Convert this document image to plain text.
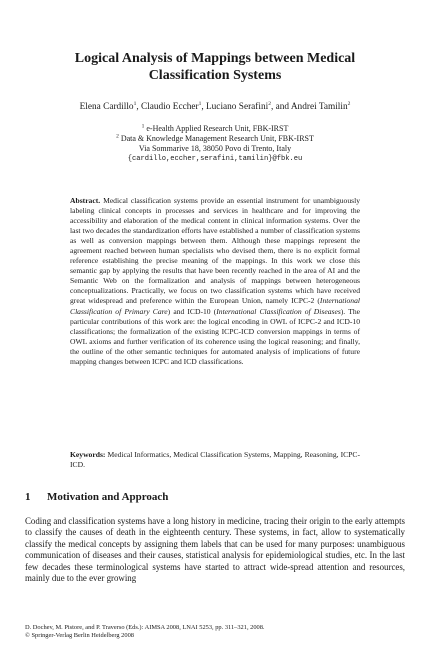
Logical Analysis of Mappings between Medical Classification Systems
Elena Cardillo$^1$, Claudio Eccher$^1$, Luciano Serafini$^2$, and Andrei Tamilin$^2$
$^1$ e-Health Applied Research Unit, FBK-IRST
$^2$ Data & Knowledge Management Research Unit, FBK-IRST
Via Sommarive 18, 38050 Povo di Trento, Italy
{cardillo,eccher,serafini,tamilin}@fbk.eu
Abstract. Medical classification systems provide an essential instrument for unambiguously labeling clinical concepts in processes and services in healthcare and for improving the accessibility and elaboration of the medical content in clinical information systems. Over the last two decades the standardization efforts have established a number of classification systems as well as conversion mappings between them. Although these mappings represent the agreement reached between human specialists who devised them, there is no explicit formal reference establishing the precise meaning of the mappings. In this work we close this semantic gap by applying the results that have been recently reached in the area of AI and the Semantic Web on the formalization and analysis of mappings between heterogeneous conceptualizations. Practically, we focus on two classification systems which have received great widespread and preference within the European Union, namely ICPC-2 (International Classification of Primary Care) and ICD-10 (International Classification of Diseases). The particular contributions of this work are: the logical encoding in OWL of ICPC-2 and ICD-10 classifications; the formalization of the existing ICPC-ICD conversion mappings in terms of OWL axioms and further verification of its coherence using the logical reasoning; and finally, the outline of the other semantic techniques for automated analysis of implications of future mapping changes between ICPC and ICD classifications.
Keywords: Medical Informatics, Medical Classification Systems, Mapping, Reasoning, ICPC-ICD.
1 Motivation and Approach
Coding and classification systems have a long history in medicine, tracing their origin to the early attempts to classify the causes of death in the eighteenth century. These systems, in fact, allow to systematically classify the medical concepts by assigning them labels that can be used for many purposes: unambiguous communication of diseases and their causes, statistical analysis for epidemiological studies, etc. In the last few decades these terminological systems have started to attract wide-spread attention and resources, mainly due to the ever growing
D. Dochev, M. Pistore, and P. Traverso (Eds.): AIMSA 2008, LNAI 5253, pp. 311–321, 2008.
© Springer-Verlag Berlin Heidelberg 2008
